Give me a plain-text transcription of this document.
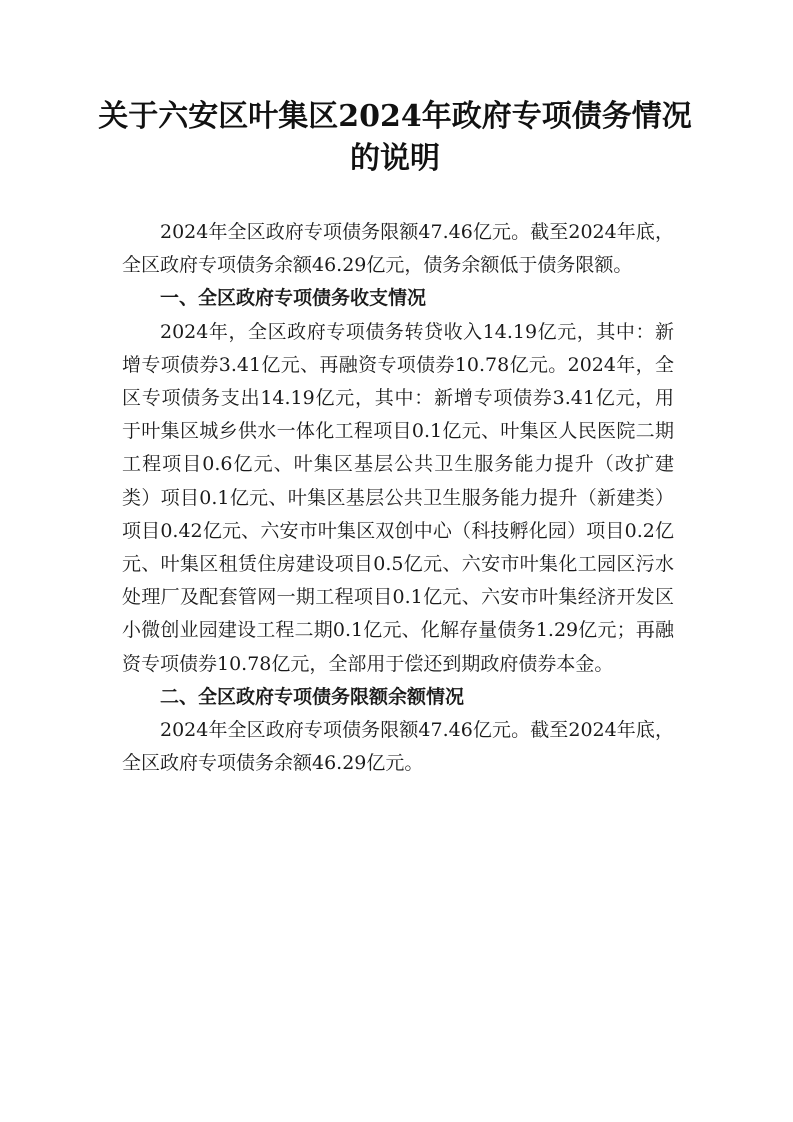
关于六安区叶集区2024年政府专项债务情况的说明

2024年全区政府专项债务限额47.46亿元。截至2024年底，全区政府专项债务余额46.29亿元，债务余额低于债务限额。

一、全区政府专项债务收支情况

2024年，全区政府专项债务转贷收入14.19亿元，其中：新增专项债券3.41亿元、再融资专项债券10.78亿元。2024年，全区专项债务支出14.19亿元，其中：新增专项债券3.41亿元，用于叶集区城乡供水一体化工程项目0.1亿元、叶集区人民医院二期工程项目0.6亿元、叶集区基层公共卫生服务能力提升（改扩建类）项目0.1亿元、叶集区基层公共卫生服务能力提升（新建类）项目0.42亿元、六安市叶集区双创中心（科技孵化园）项目0.2亿元、叶集区租赁住房建设项目0.5亿元、六安市叶集化工园区污水处理厂及配套管网一期工程项目0.1亿元、六安市叶集经济开发区小微创业园建设工程二期0.1亿元、化解存量债务1.29亿元；再融资专项债券10.78亿元，全部用于偿还到期政府债券本金。

二、全区政府专项债务限额余额情况

2024年全区政府专项债务限额47.46亿元。截至2024年底，全区政府专项债务余额46.29亿元。
